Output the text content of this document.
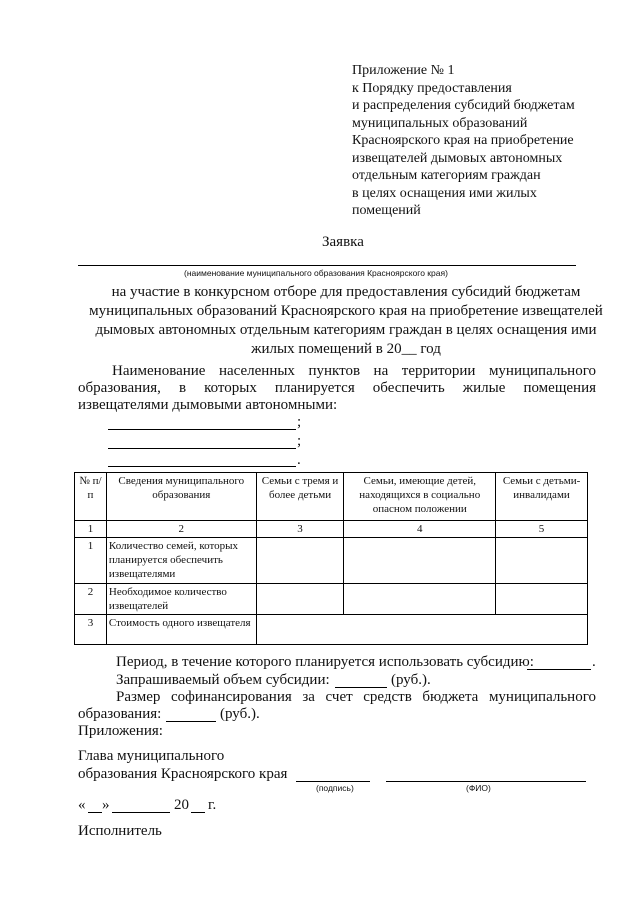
Приложение № 1
к Порядку предоставления
и распределения субсидий бюджетам
муниципальных образований
Красноярского края на приобретение
извещателей дымовых автономных
отдельным категориям граждан
в целях оснащения ими жилых
помещений
Заявка
(наименование муниципального образования Красноярского края)
на участие в конкурсном отборе для предоставления субсидий бюджетам
муниципальных образований Красноярского края на приобретение извещателей
дымовых автономных отдельным категориям граждан в целях оснащения ими
жилых помещений в 20__ год
Наименование населенных пунктов на территории муниципального
образования, в которых планируется обеспечить жилые помещения
извещателями дымовыми автономными:
;
;
.
№ п/п	Сведения муниципального образования	Семьи с тремя и более детьми	Семьи, имеющие детей, находящихся в социально опасном положении	Семьи с детьми-инвалидами
1	2	3	4	5
1	Количество семей, которых планируется обеспечить извещателями			
2	Необходимое количество извещателей			
3	Стоимость одного извещателя			
Период, в течение которого планируется использовать субсидию:	.
Запрашиваемый объем субсидии:	(руб.).
Размер софинансирования за счет средств бюджета муниципального
образования:	(руб.).
Приложения:
Главa муниципального
образования Красноярского края
(подпись)	(ФИО)
« »	20 г.
Исполнитель
